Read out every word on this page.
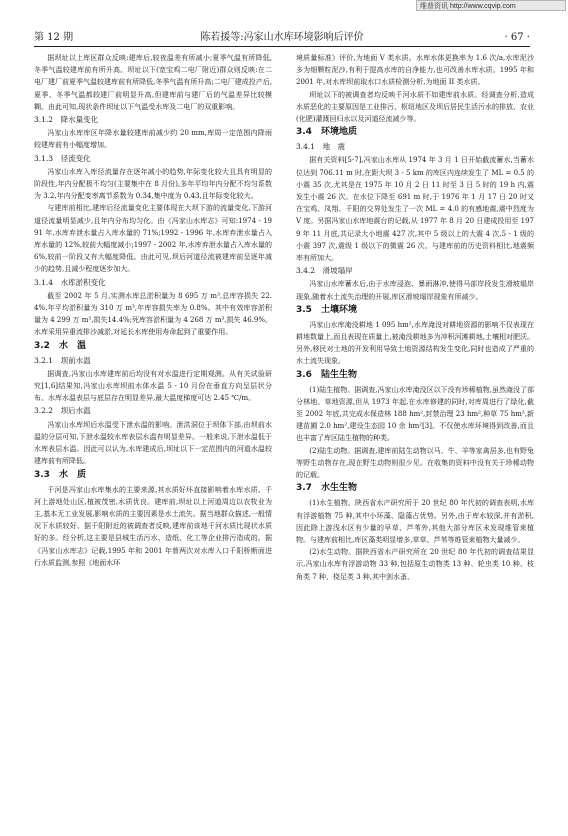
维普资讯 http://www.cqvip.com
第 12 期	陈若援等:冯家山水库环境影响后评价	· 67 ·

据坝址以上库区群众反映:建库后,较夜温差有所减小;夏季气温有所降低,冬季气温较建库前有所升高。坝址以下(宽宝鸡二电厂附近)群众则反映:在二电厂建厂前夏季气温较建库前有所降低,冬季气温有所升高;二电厂建成投产后,夏季、冬季气温都较建厂前明显升高,但建库前与建厂后的气温差异比较模糊。由此可知,现状条件坝址以下气温受水库及二电厂的双重影响。

3.1.2　降水量变化

冯家山水库库区年降水量较建库前减少约 20 mm,库周一定范围内降雨较建库前有小幅度增加。

3.1.3　径流变化

冯家山水库入库径流量存在逐年减小的趋势,年际变化较大且具有明显的阶段性,年内分配极不均匀(主要集中在 8 月份),多年平均年内分配不均匀系数为 3.2,年内分配变率离节系数为 0.34,集中度为 0.43,且年际变化较大。

与建库前相比,建库后径流量变化主要体现在大坝下游的流量变化,下游河道径流量明显减少,且年内分布均匀化。由《冯家山水库志》可知:1974 - 1991 年,水库弃泄水量占入库水量的 71%;1992 - 1996 年,水库弃泄水量占入库水量的 12%,较前大幅度减小;1997 - 2002 年,水库弃泄水量占入库水量的 6%,较前一阶段又有大幅度降低。由此可见,坝后河道径流被建库前呈逐年减少的趋势,且减少程度逐步加大。

3.1.4　水库淤积变化

截至 2002 年 5 月,实测水库总淤积量为 8 695 万 m³,总库容损失 22.4%,年平均淤积量为 310 万 m³,年库容损失率为 0.8%。其中有效库容淤积量为 4 299 万 m³,损失14.4%;死库容淤积量为 4 268 万 m³,损失 46.9%。水库采用异重流排沙减淤,对延长水库使用寿命起到了重要作用。

3.2　水　温
3.2.1　坝前水温

据调查,冯家山水库建库前后均没有对水温进行定期观测。从有关试验研究[1,6]结果知,冯家山水库坝前水体水温 5 - 10 月份在垂直方向呈层状分布。水库水温表层与底层存在明显差异,最大温度梯度可达 2.45 ℃/m。

3.2.2　坝后水温

冯家山水库坝后水温受下泄水温的影响。泄洪洞位于坝体下部,由坝前水温的分层可知,下泄水温较水库表层水温有明显差异。一般来说,下泄水温低于水库表层水温。因此可以认为,水库建成后,坝址以下一定范围内的河道水温较建库前有所降低。

3.3　水　质

千河是冯家山水库集水的主要来源,其水质好坏直接影响着水库水质。千河上游地处山区,植被茂密,水质优良。建库前,坝址以上河道周边以农牧业为主,基本无工业发展,影响水质的主要因素是水土流失。据当地群众描述,一般情况下水质较好。据千阳附近的被调查者反映,建库前该地千河水质比现状水质好的多。经分析,这主要是县城生活污水、造纸、化工等企业排污造成的。据《冯家山水库志》记载,1995 年和 2001 年曾两次对水库入口千阳桥断面进行水质监测,参照《地面水环

境质量标准》评价,为地面 V 类水质。水库水体更换率为 1.6 次/a,水库泥沙多为细颗粒泥沙,有利于提高水库的自净能力,也可改善水库水质。1995 年和 2001 年,对水库坝前取水口水质检测分析,为地面 II 类水质。

坝址以下的被调查者均反映千河水质不如建库前水质。经调查分析,造成水质恶化的主要原因是工业排污、枢纽地区及坝后居民生活污水的排放、农业(化肥)灌溉回归水以及河道径流减少等。

3.4　环境地质
3.4.1　地　震

据有关资料[5-7],冯家山水库从 1974 年 3 月 1 日开始截流蓄水,当蓄水位达到 706.11 m 时,在距大坝 3 - 5 km 的库区内连续发生了 ML = 0.5 的小震 35 次,尤其是在 1975 年 10 月 2 日 11 时至 3 日 5 时的 19 h 内,震发生小震 26 次。在水位下降至 691 m 时,于 1976 年 1 月 17 日 20 时又在宝鸡、凤翔、千阳的交界处发生了一次 ML = 4.0 的有感地震,震中烈度为 V 度。另据冯家山水库地震台的记载,从 1977 年 8 月 20 日建成投用至 1979 年 11 月底,共记录大小地震 427 次,其中 5 级以上的大震 4 次,5 - 1 级的小震 397 次,震级 1 级以下的微震 26 次。与建库前的历史资料相比,地震频率有所加大。

3.4.2　滑坡塌岸

冯家山水库蓄水后,由于水库浸泡、暴雨淋冲,使得马部岸段发生滑坡塌岸现象,随着水土流失治理的开展,库区滑坡塌岸现象有所减少。

3.5　土壤环境

冯家山水库淹没耕地 1 095 hm²,水库淹没对耕地资源的影响不仅表现在耕地数量上,而且表现在质量上,被淹没耕地多为冲积河滩耕地,土壤相对肥沃。另外,移民对土地的开发利用导致土地资源结构发生变化,同时也造成了严重的水土流失现象。

3.6　陆生生物

(1)陆生植物。据调查,冯家山水库淹没区以下没有珍稀植物,虽然淹没了部分林地、草地资源,但从 1973 年起,在水库修建的同时,对库周进行了绿化,截至 2002 年底,共完成水保造林 188 hm²,封禁治理 23 hm²,种草 75 hm²,新建苗圃 2.0 hm²,建设生态园 10 余 hm²[3]。不仅使水库环境得到改善,而且也丰富了库区陆生植物的种类。

(2)陆生动物。据调查,建库前陆生动物以马、牛、羊等家禽居多,也有野兔等野生动物存在,现在野生动物则很少见。在收集的资料中没有关于珍稀动物的记载。

3.7　水生生物

(1)水生植物。陕西省水产研究所于 20 世纪 80 年代初的调查表明,水库有浮游植物 75 种,其中小环藻、隐藻占优势。另外,由于库水较深,并有淤积,因此除上游浅水区有少量的早草、芦苇外,其他大部分库区未发现维管束植物。与建库前相比,库区藻类明显增多,草草、芦苇等维管束植物大量减少。

(2)水生动物。据陕西省水产研究所在 20 世纪 80 年代初的调查结果显示,冯家山水库有浮游动物 33 种,包括原生动物类 13 种、轮虫类 10 种、枝角类 7 种、桡足类 3 种,其中剑水蚤、
